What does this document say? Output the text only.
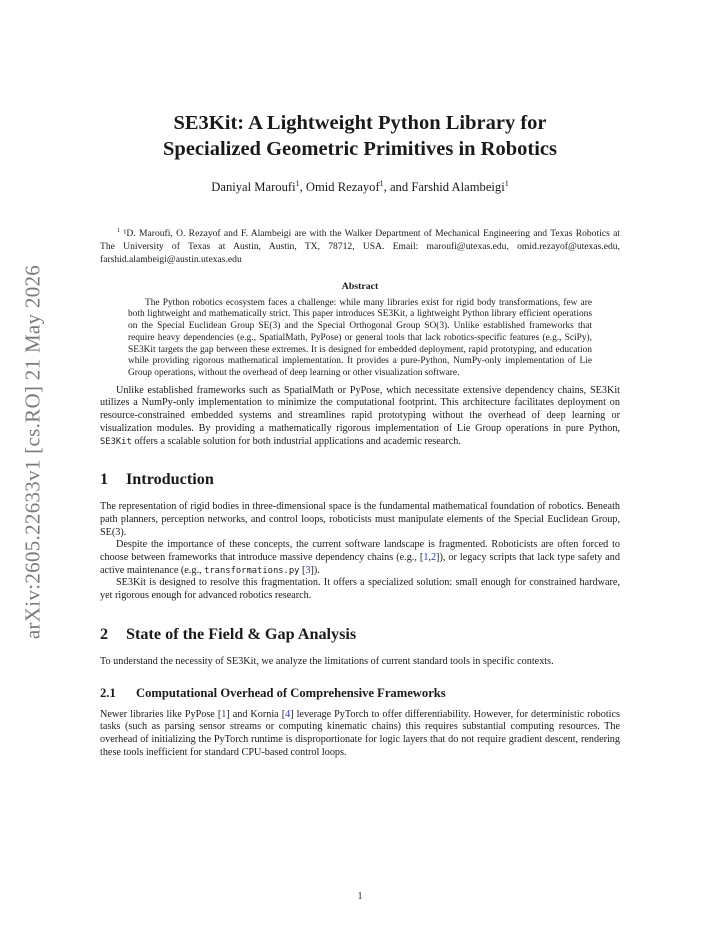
arXiv:2605.22633v1 [cs.RO] 21 May 2026
SE3Kit: A Lightweight Python Library for
Specialized Geometric Primitives in Robotics
Daniyal Maroufi$^1$, Omid Rezayof$^1$, and Farshid Alambeigi$^1$

$^1$ ¹D. Maroufi, O. Rezayof and F. Alambeigi are with the Walker Department of Mechanical Engineering and Texas Robotics at The University of Texas at Austin, Austin, TX, 78712, USA. Email: maroufi@utexas.edu, omid.rezayof@utexas.edu, farshid.alambeigi@austin.utexas.edu

Abstract

The Python robotics ecosystem faces a challenge: while many libraries exist for rigid body transformations, few are both lightweight and mathematically strict. This paper introduces SE3Kit, a lightweight Python library efficient operations on the Special Euclidean Group SE(3) and the Special Orthogonal Group SO(3). Unlike established frameworks that require heavy dependencies (e.g., SpatialMath, PyPose) or general tools that lack robotics-specific features (e.g., SciPy), SE3Kit targets the gap between these extremes. It is designed for embedded deployment, rapid prototyping, and education while providing rigorous mathematical implementation. It provides a pure-Python, NumPy-only implementation of Lie Group operations, without the overhead of deep learning or other visualization software.

Unlike established frameworks such as SpatialMath or PyPose, which necessitate extensive dependency chains, SE3Kit utilizes a NumPy-only implementation to minimize the computational footprint. This architecture facilitates deployment on resource-constrained embedded systems and streamlines rapid prototyping without the overhead of deep learning or visualization modules. By providing a mathematically rigorous implementation of Lie Group operations in pure Python, SE3Kit offers a scalable solution for both industrial applications and academic research.

1 Introduction

The representation of rigid bodies in three-dimensional space is the fundamental mathematical foundation of robotics. Beneath path planners, perception networks, and control loops, roboticists must manipulate elements of the Special Euclidean Group, SE(3).

Despite the importance of these concepts, the current software landscape is fragmented. Roboticists are often forced to choose between frameworks that introduce massive dependency chains (e.g., [1,2]), or legacy scripts that lack type safety and active maintenance (e.g., transformations.py [3]).

SE3Kit is designed to resolve this fragmentation. It offers a specialized solution: small enough for constrained hardware, yet rigorous enough for advanced robotics research.

2 State of the Field & Gap Analysis

To understand the necessity of SE3Kit, we analyze the limitations of current standard tools in specific contexts.

2.1 Computational Overhead of Comprehensive Frameworks

Newer libraries like PyPose [1] and Kornia [4] leverage PyTorch to offer differentiability. However, for deterministic robotics tasks (such as parsing sensor streams or computing kinematic chains) this requires substantial computing resources. The overhead of initializing the PyTorch runtime is disproportionate for logic layers that do not require gradient descent, rendering these tools inefficient for standard CPU-based control loops.

1
